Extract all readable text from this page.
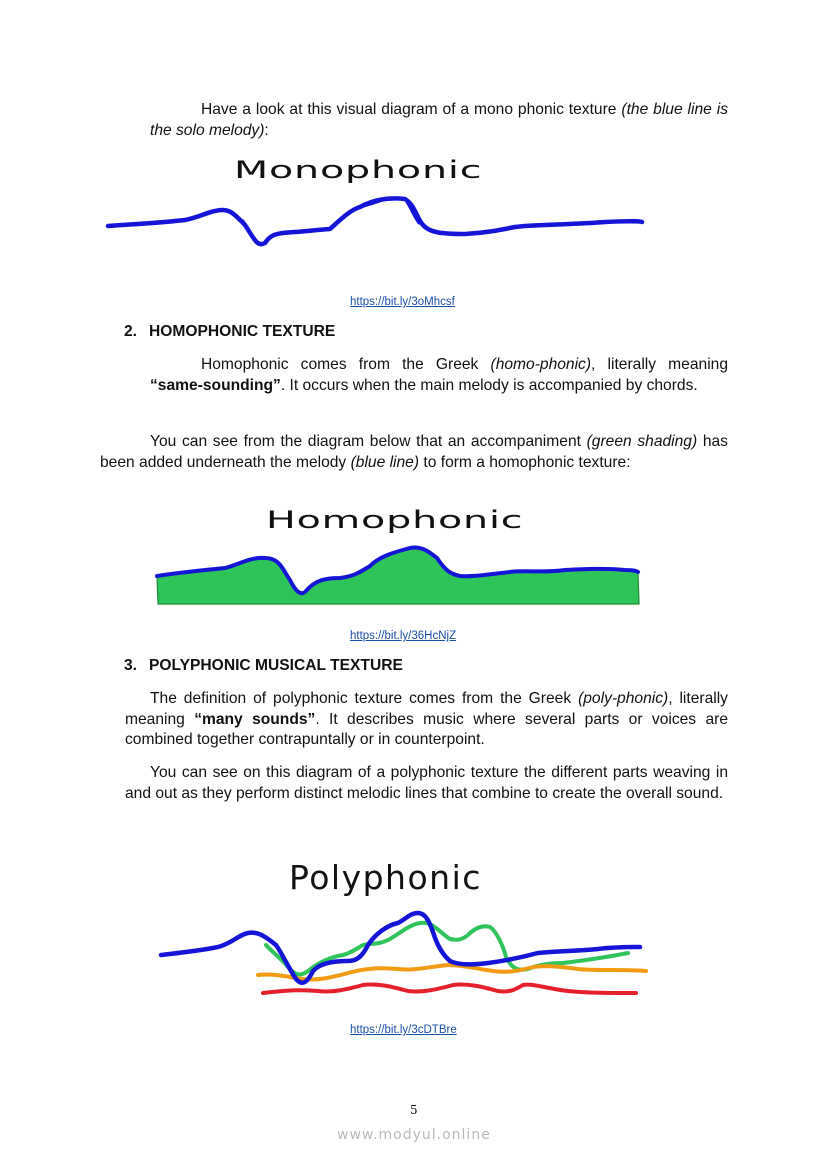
Have a look at this visual diagram of a mono phonic texture (the blue line is the solo melody):

Monophonic
https://bit.ly/3oMhcsf
2. HOMOPHONIC TEXTURE

Homophonic comes from the Greek (homo-phonic), literally meaning “same-sounding”. It occurs when the main melody is accompanied by chords.

You can see from the diagram below that an accompaniment (green shading) has been added underneath the melody (blue line) to form a homophonic texture:

Homophonic
https://bit.ly/36HcNjZ
3. POLYPHONIC MUSICAL TEXTURE

The definition of polyphonic texture comes from the Greek (poly-phonic), literally meaning “many sounds”. It describes music where several parts or voices are combined together contrapuntally or in counterpoint.

You can see on this diagram of a polyphonic texture the different parts weaving in and out as they perform distinct melodic lines that combine to create the overall sound.

Polyphonic
https://bit.ly/3cDTBre
5
www.modyul.online
